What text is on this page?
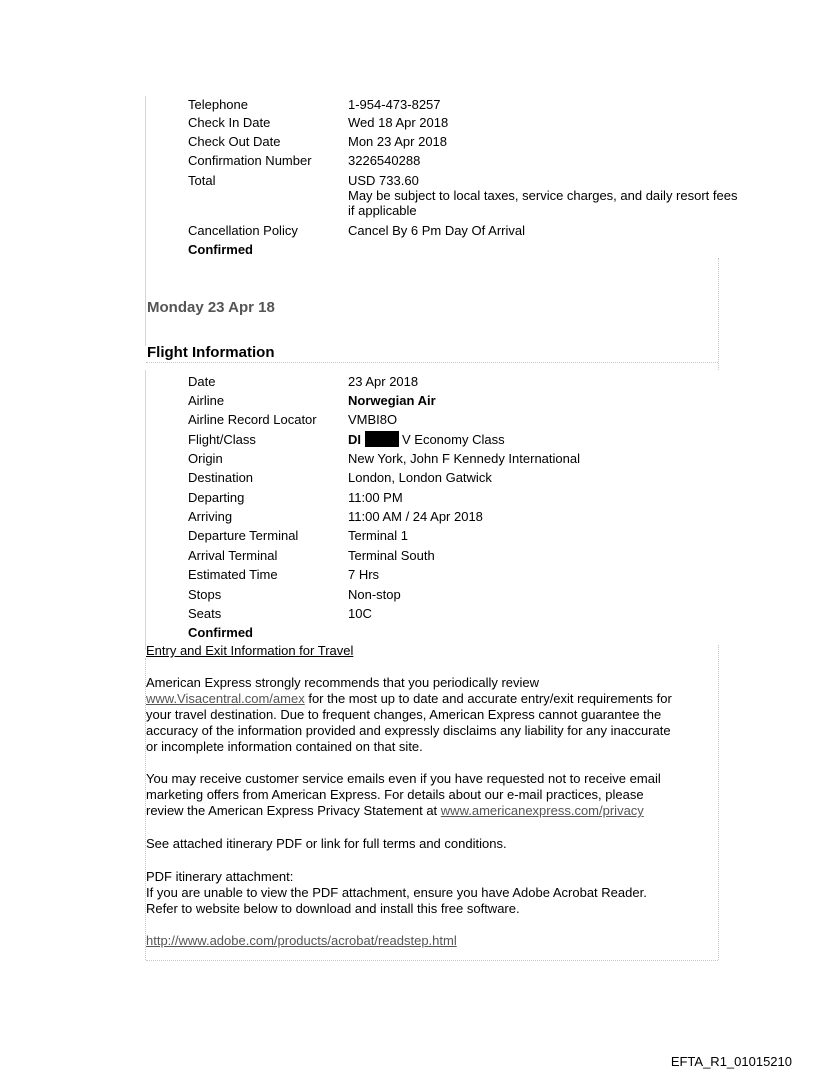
Telephone	1-954-473-8257
Check In Date	Wed 18 Apr 2018
Check Out Date	Mon 23 Apr 2018
Confirmation Number	3226540288
Total	USD 733.60
May be subject to local taxes, service charges, and daily resort fees
if applicable
Cancellation Policy	Cancel By 6 Pm Day Of Arrival
Confirmed
Monday 23 Apr 18
Flight Information
Date	23 Apr 2018
Airline	Norwegian Air
Airline Record Locator VMBI8O
Flight/Class	DI	V Economy Class
Origin	New York, John F Kennedy International
Destination	London, London Gatwick
Departing	11:00 PM
Arriving	11:00 AM / 24 Apr 2018
Departure Terminal	Terminal 1
Arrival Terminal	Terminal South
Estimated Time	7 Hrs
Stops	Non-stop
Seats	10C
Confirmed
Entry and Exit Information for Travel
American Express strongly recommends that you periodically review
www.Visacentral.com/amex for the most up to date and accurate entry/exit requirements for
your travel destination. Due to frequent changes, American Express cannot guarantee the
accuracy of the information provided and expressly disclaims any liability for any inaccurate
or incomplete information contained on that site.
You may receive customer service emails even if you have requested not to receive email
marketing offers from American Express. For details about our e-mail practices, please
review the American Express Privacy Statement at www.americanexpress.com/privacy
See attached itinerary PDF or link for full terms and conditions.
PDF itinerary attachment:
If you are unable to view the PDF attachment, ensure you have Adobe Acrobat Reader.
Refer to website below to download and install this free software.
http://www.adobe.com/products/acrobat/readstep.html
EFTA_R1_01015210
